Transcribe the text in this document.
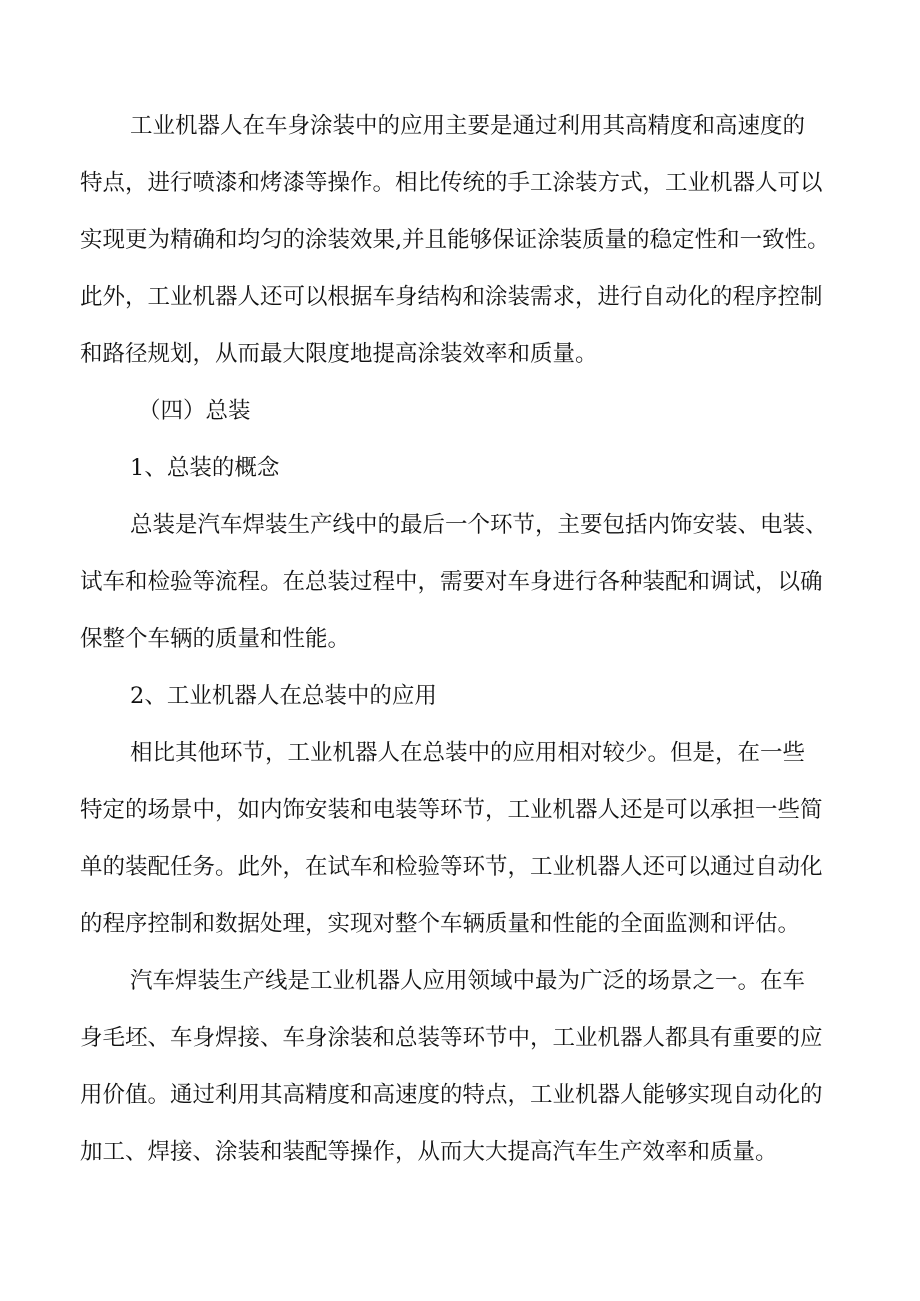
工业机器人在车身涂装中的应用主要是通过利用其高精度和高速度的
特点，进行喷漆和烤漆等操作。相比传统的手工涂装方式，工业机器人可以
实现更为精确和均匀的涂装效果,并且能够保证涂装质量的稳定性和一致性。
此外，工业机器人还可以根据车身结构和涂装需求，进行自动化的程序控制
和路径规划，从而最大限度地提高涂装效率和质量。
（四）总装
1、总装的概念
总装是汽车焊装生产线中的最后一个环节，主要包括内饰安装、电装、
试车和检验等流程。在总装过程中，需要对车身进行各种装配和调试，以确
保整个车辆的质量和性能。
2、工业机器人在总装中的应用
相比其他环节，工业机器人在总装中的应用相对较少。但是，在一些
特定的场景中，如内饰安装和电装等环节，工业机器人还是可以承担一些简
单的装配任务。此外，在试车和检验等环节，工业机器人还可以通过自动化
的程序控制和数据处理，实现对整个车辆质量和性能的全面监测和评估。
汽车焊装生产线是工业机器人应用领域中最为广泛的场景之一。在车
身毛坯、车身焊接、车身涂装和总装等环节中，工业机器人都具有重要的应
用价值。通过利用其高精度和高速度的特点，工业机器人能够实现自动化的
加工、焊接、涂装和装配等操作，从而大大提高汽车生产效率和质量。
